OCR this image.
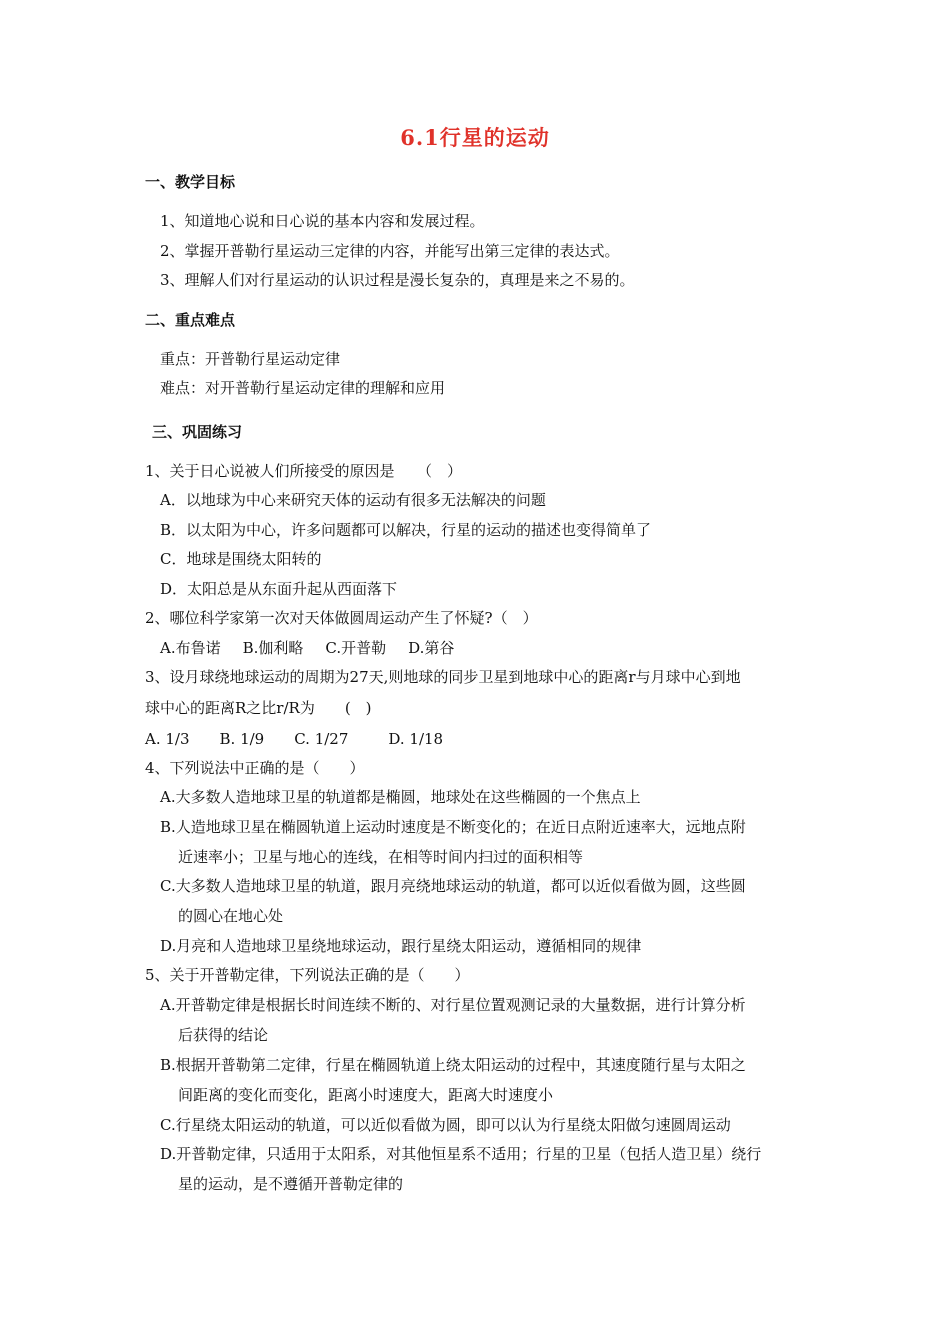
6.1行星的运动
一、教学目标
1、知道地心说和日心说的基本内容和发展过程。
2、掌握开普勒行星运动三定律的内容，并能写出第三定律的表达式。
3、理解人们对行星运动的认识过程是漫长复杂的，真理是来之不易的。
二、重点难点
重点：开普勒行星运动定律
难点：对开普勒行星运动定律的理解和应用
三、巩固练习
1、关于日心说被人们所接受的原因是　　（　）
A．以地球为中心来研究天体的运动有很多无法解决的问题
B．以太阳为中心，许多问题都可以解决，行星的运动的描述也变得简单了
C．地球是围绕太阳转的
D．太阳总是从东面升起从西面落下
2、哪位科学家第一次对天体做圆周运动产生了怀疑?（　）
A.布鲁诺 B.伽利略 C.开普勒 D.第谷
3、设月球绕地球运动的周期为27天,则地球的同步卫星到地球中心的距离r与月球中心到地
球中心的距离R之比r/R为　　(　)
A. 1/3 B. 1/9 C. 1/27	D. 1/18
4、下列说法中正确的是（　　）
A.大多数人造地球卫星的轨道都是椭圆，地球处在这些椭圆的一个焦点上
B.人造地球卫星在椭圆轨道上运动时速度是不断变化的；在近日点附近速率大，远地点附
近速率小；卫星与地心的连线，在相等时间内扫过的面积相等
C.大多数人造地球卫星的轨道，跟月亮绕地球运动的轨道，都可以近似看做为圆，这些圆
的圆心在地心处
D.月亮和人造地球卫星绕地球运动，跟行星绕太阳运动，遵循相同的规律
5、关于开普勒定律，下列说法正确的是（　　）
A.开普勒定律是根据长时间连续不断的、对行星位置观测记录的大量数据，进行计算分析
后获得的结论
B.根据开普勒第二定律，行星在椭圆轨道上绕太阳运动的过程中，其速度随行星与太阳之
间距离的变化而变化，距离小时速度大，距离大时速度小
C.行星绕太阳运动的轨道，可以近似看做为圆，即可以认为行星绕太阳做匀速圆周运动
D.开普勒定律，只适用于太阳系，对其他恒星系不适用；行星的卫星（包括人造卫星）绕行
星的运动，是不遵循开普勒定律的
